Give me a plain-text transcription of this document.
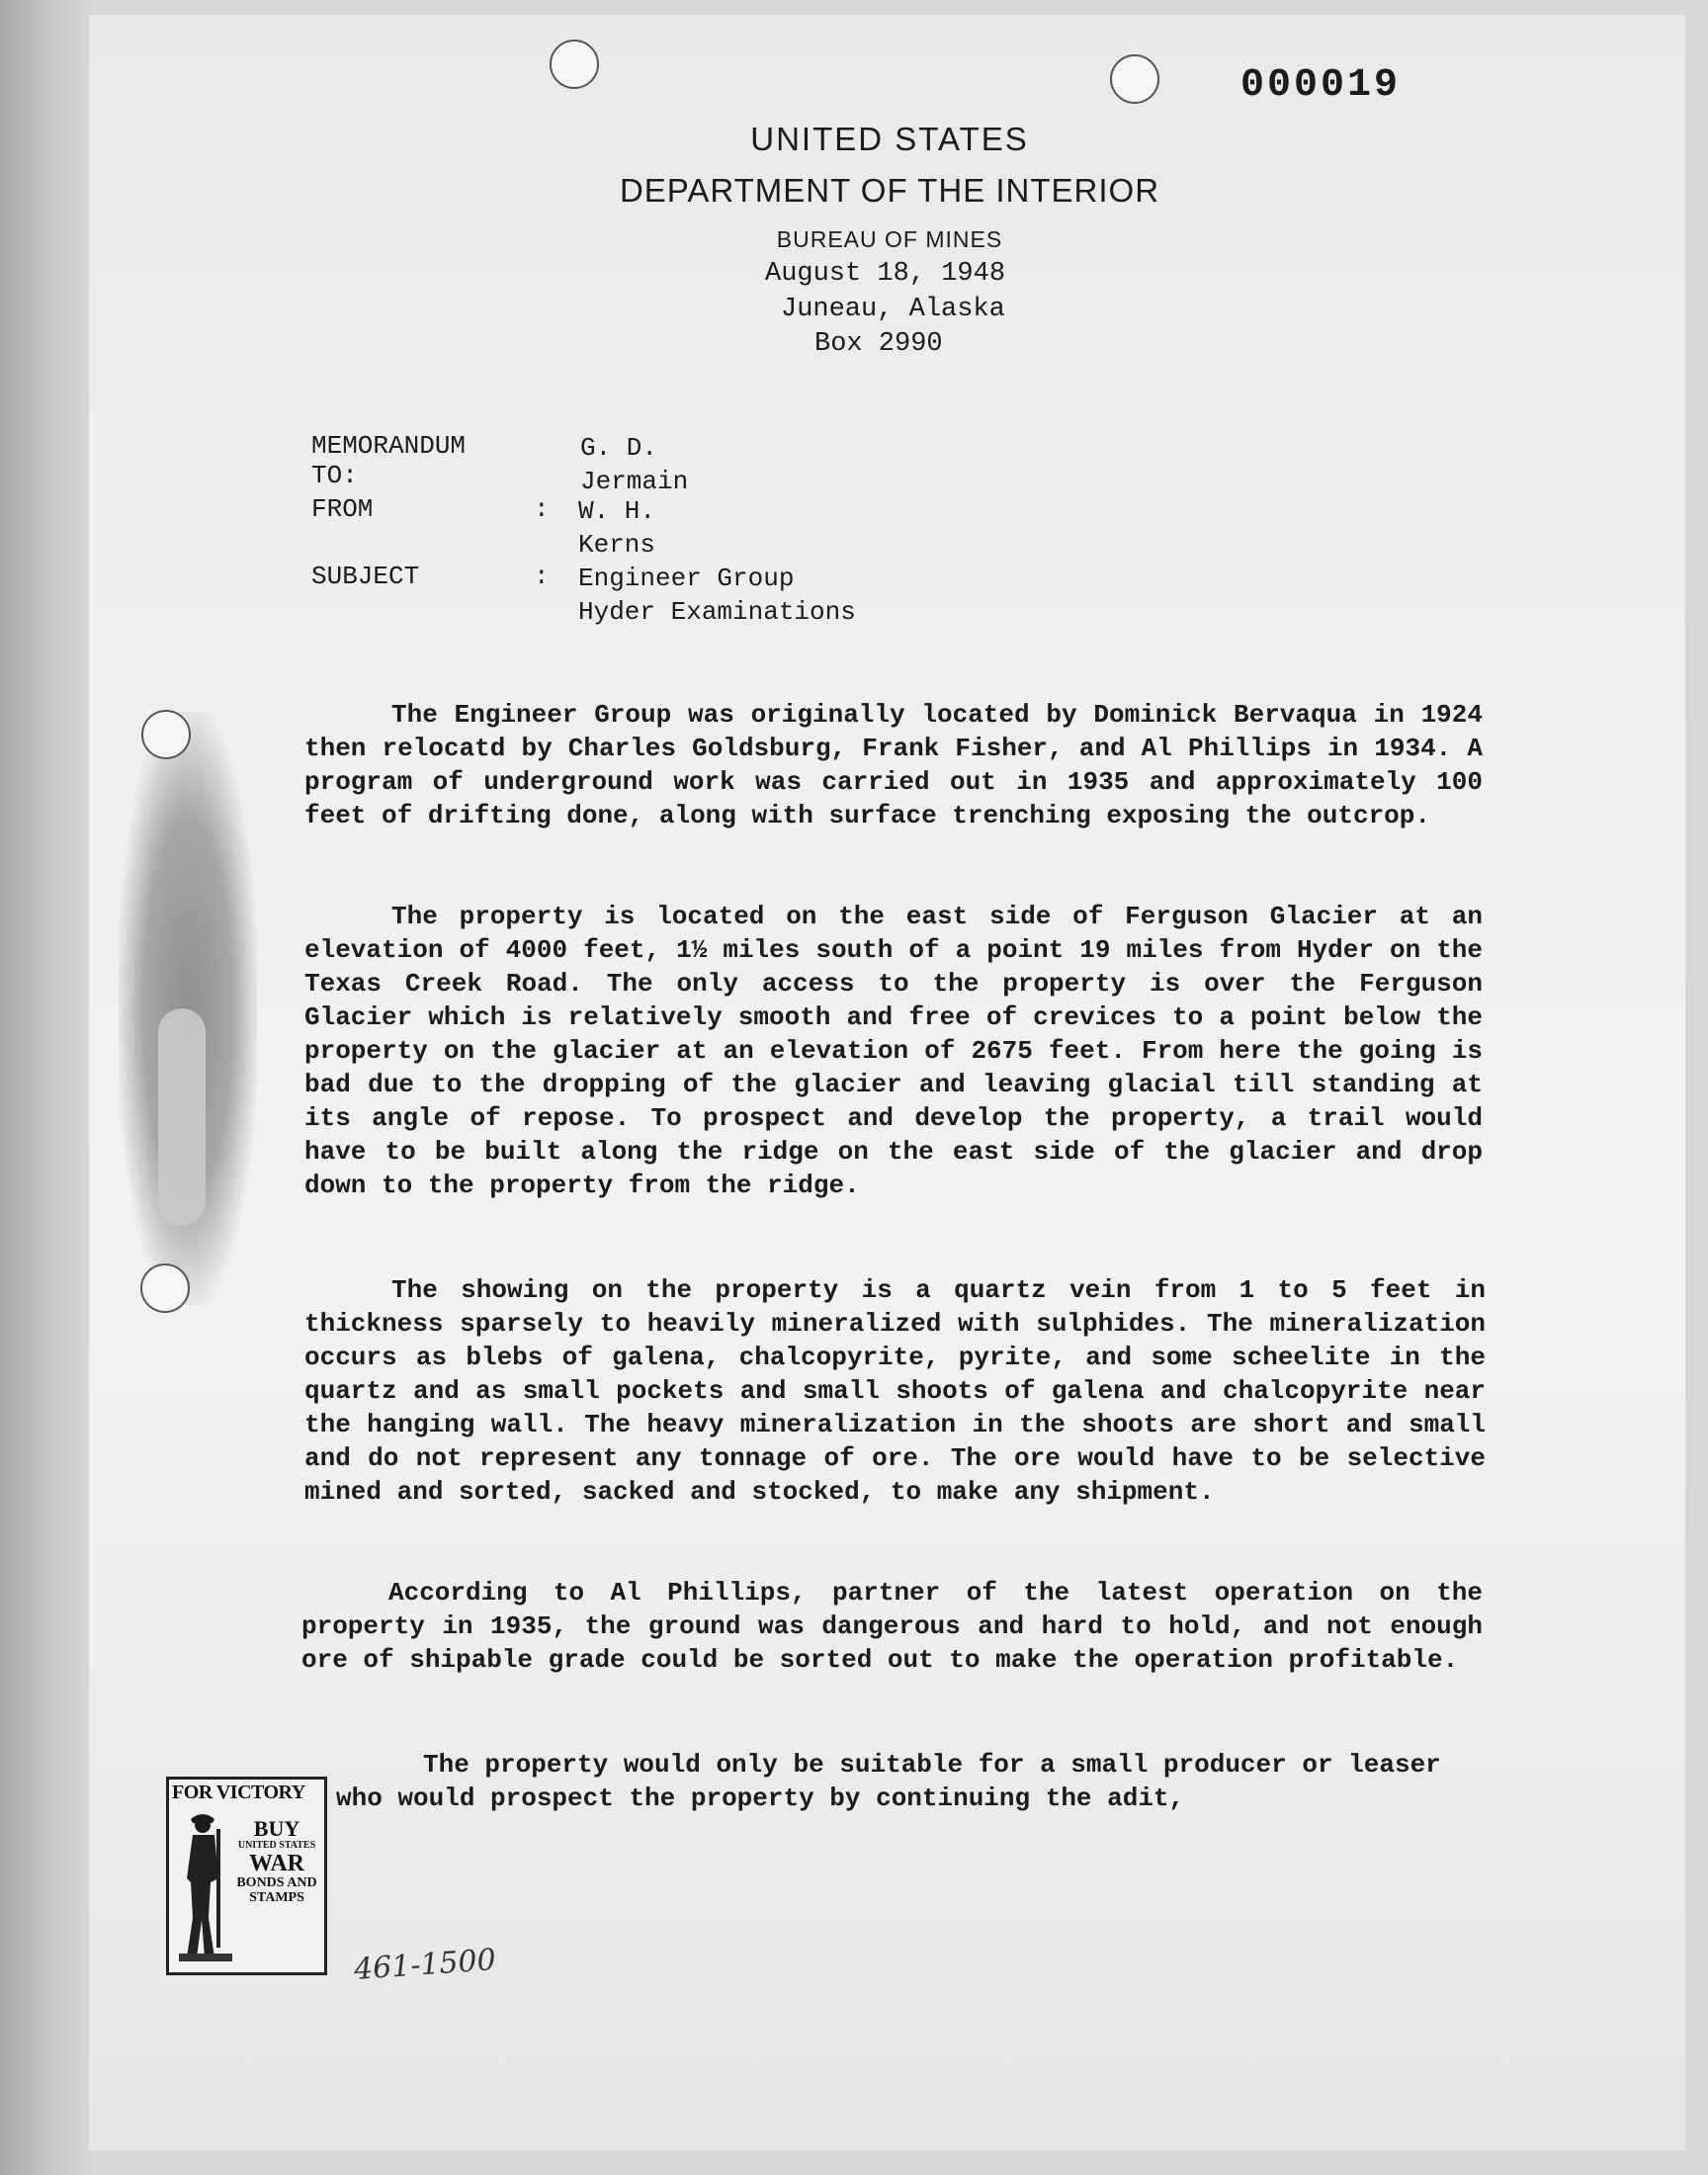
000019
UNITED STATES
DEPARTMENT OF THE INTERIOR
BUREAU OF MINES
August 18, 1948
Juneau, Alaska
Box 2990
MEMORANDUM TO:
G. D. Jermain
FROM	: W. H. Kerns
SUBJECT	: Engineer Group
Hyder Examinations

The Engineer Group was originally located by Dominick Bervaqua in 1924 then relocatd by Charles Goldsburg, Frank Fisher, and Al Phillips in 1934. A program of underground work was carried out in 1935 and approximately 100 feet of drifting done, along with surface trenching exposing the outcrop.

The property is located on the east side of Ferguson Glacier at an elevation of 4000 feet, 1½ miles south of a point 19 miles from Hyder on the Texas Creek Road. The only access to the property is over the Ferguson Glacier which is relatively smooth and free of crevices to a point below the property on the glacier at an elevation of 2675 feet. From here the going is bad due to the dropping of the glacier and leaving glacial till standing at its angle of repose. To prospect and develop the property, a trail would have to be built along the ridge on the east side of the glacier and drop down to the property from the ridge.

The showing on the property is a quartz vein from 1 to 5 feet in thickness sparsely to heavily mineralized with sulphides. The mineralization occurs as blebs of galena, chalcopyrite, pyrite, and some scheelite in the quartz and as small pockets and small shoots of galena and chalcopyrite near the hanging wall. The heavy mineralization in the shoots are short and small and do not represent any tonnage of ore. The ore would have to be selective mined and sorted, sacked and stocked, to make any shipment.

According to Al Phillips, partner of the latest operation on the property in 1935, the ground was dangerous and hard to hold, and not enough ore of shipable grade could be sorted out to make the operation profitable.

The property would only be suitable for a small producer or leaser who would prospect the property by continuing the adit,

FOR VICTORY
BUY
UNITED STATES
WAR
BONDS AND
STAMPS
461-1500
